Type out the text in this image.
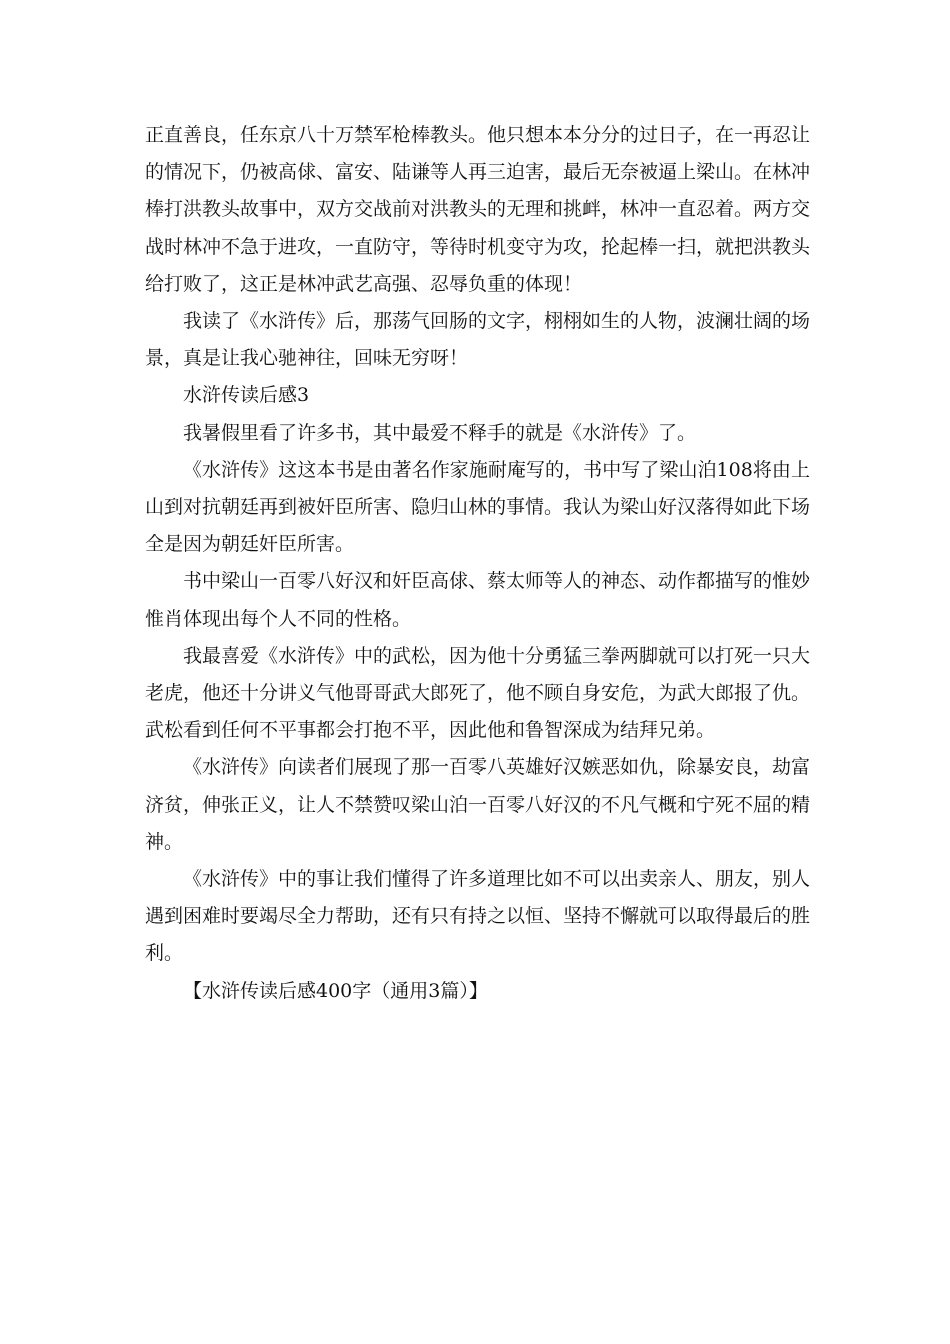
正直善良，任东京八十万禁军枪棒教头。他只想本本分分的过日子，在一再忍让的情况下，仍被高俅、富安、陆谦等人再三迫害，最后无奈被逼上梁山。在林冲棒打洪教头故事中，双方交战前对洪教头的无理和挑衅，林冲一直忍着。两方交战时林冲不急于进攻，一直防守，等待时机变守为攻，抡起棒一扫，就把洪教头给打败了，这正是林冲武艺高强、忍辱负重的体现！

我读了《水浒传》后，那荡气回肠的文字，栩栩如生的人物，波澜壮阔的场景，真是让我心驰神往，回味无穷呀！

水浒传读后感3

我暑假里看了许多书，其中最爱不释手的就是《水浒传》了。

《水浒传》这这本书是由著名作家施耐庵写的，书中写了梁山泊108将由上山到对抗朝廷再到被奸臣所害、隐归山林的事情。我认为梁山好汉落得如此下场全是因为朝廷奸臣所害。

书中梁山一百零八好汉和奸臣高俅、蔡太师等人的神态、动作都描写的惟妙惟肖体现出每个人不同的性格。

我最喜爱《水浒传》中的武松，因为他十分勇猛三拳两脚就可以打死一只大老虎，他还十分讲义气他哥哥武大郎死了，他不顾自身安危，为武大郎报了仇。武松看到任何不平事都会打抱不平，因此他和鲁智深成为结拜兄弟。

《水浒传》向读者们展现了那一百零八英雄好汉嫉恶如仇，除暴安良，劫富济贫，伸张正义，让人不禁赞叹梁山泊一百零八好汉的不凡气概和宁死不屈的精神。

《水浒传》中的事让我们懂得了许多道理比如不可以出卖亲人、朋友，别人遇到困难时要竭尽全力帮助，还有只有持之以恒、坚持不懈就可以取得最后的胜利。

【水浒传读后感400字（通用3篇）】
